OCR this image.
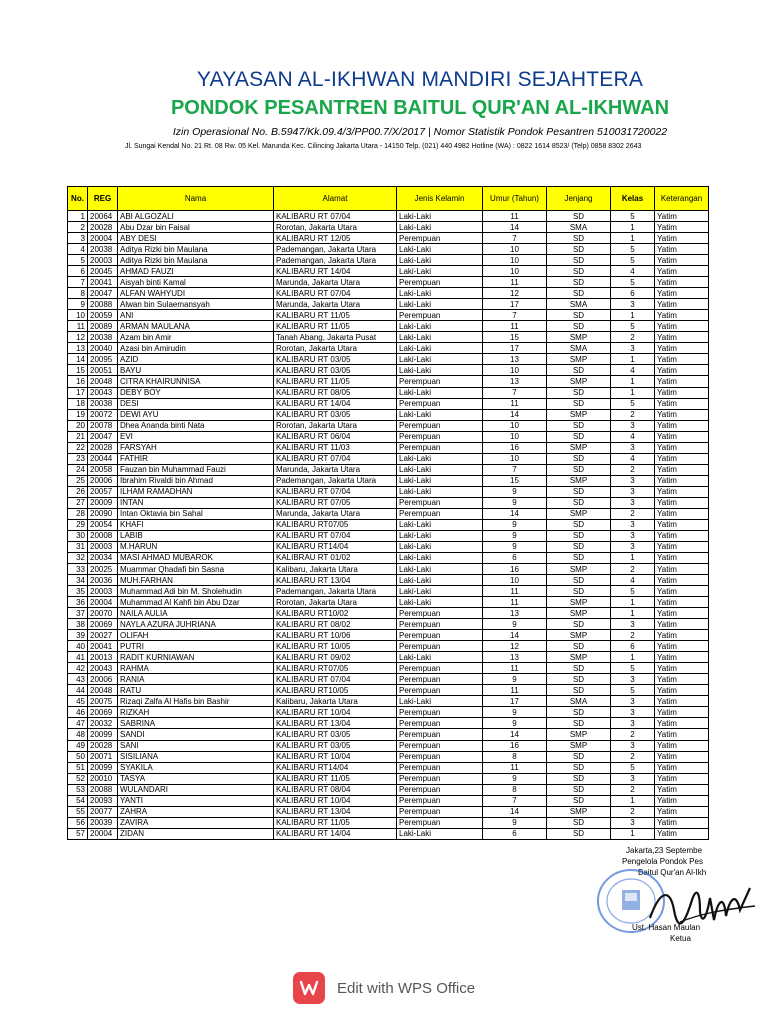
YAYASAN AL-IKHWAN MANDIRI SEJAHTERA
PONDOK PESANTREN BAITUL QUR'AN AL-IKHWAN
Izin Operasional No. B.5947/Kk.09.4/3/PP00.7/X/2017 | Nomor Statistik Pondok Pesantren 510031720022
Jl. Sungai Kendal No. 21 Rt. 08 Rw. 05 Kel. Marunda Kec. Cilincing Jakarta Utara - 14150 Telp. (021) 440 4982 Hotline (WA) : 0822 1614 8523/ (Telp) 0858 8302 2643
No.	REG	Nama	Alamat	Jenis Kelamin	Umur (Tahun)	Jenjang	Kelas	Keterangan
1	20064	ABI ALGOZALI	KALIBARU RT 07/04	Laki-Laki	11	SD	5	Yatim
2	20028	Abu Dzar bin Faisal	Rorotan, Jakarta Utara	Laki-Laki	14	SMA	1	Yatim
3	20004	ABY DESI	KALIBARU RT 12/05	Perempuan	7	SD	1	Yatim
4	20038	Aditya Rizki bin Maulana	Pademangan, Jakarta Utara	Laki-Laki	10	SD	5	Yatim
5	20003	Aditya Rizki bin Maulana	Pademangan, Jakarta Utara	Laki-Laki	10	SD	5	Yatim
6	20045	AHMAD FAUZI	KALIBARU RT 14/04	Laki-Laki	10	SD	4	Yatim
7	20041	Aisyah binti Kamal	Marunda, Jakarta Utara	Perempuan	11	SD	5	Yatim
8	20047	ALFAN WAHYUDI	KALIBARU RT 07/04	Laki-Laki	12	SD	6	Yatim
9	20088	Alwan bin Sulaemansyah	Marunda, Jakarta Utara	Laki-Laki	17	SMA	3	Yatim
10	20059	ANI	KALIBARU RT 11/05	Perempuan	7	SD	1	Yatim
11	20089	ARMAN MAULANA	KALIBARU RT 11/05	Laki-Laki	11	SD	5	Yatim
12	20038	Azam bin Amir	Tanah Abang, Jakarta Pusat	Laki-Laki	15	SMP	2	Yatim
13	20040	Azasi bin Amirudin	Rorotan, Jakarta Utara	Laki-Laki	17	SMA	3	Yatim
14	20095	AZID	KALIBARU RT 03/05	Laki-Laki	13	SMP	1	Yatim
15	20051	BAYU	KALIBARU RT 03/05	Laki-Laki	10	SD	4	Yatim
16	20048	CITRA KHAIRUNNISA	KALIBARU RT 11/05	Perempuan	13	SMP	1	Yatim
17	20043	DEBY BOY	KALIBARU RT 08/05	Laki-Laki	7	SD	1	Yatim
18	20038	DESI	KALIBARU RT 14/04	Perempuan	11	SD	5	Yatim
19	20072	DEWI AYU	KALIBARU RT 03/05	Laki-Laki	14	SMP	2	Yatim
20	20078	Dhea Ananda binti Nata	Rorotan, Jakarta Utara	Perempuan	10	SD	3	Yatim
21	20047	EVI	KALIBARU RT 06/04	Perempuan	10	SD	4	Yatim
22	20028	FARSYAH	KALIBARU RT 11/03	Perempuan	16	SMP	3	Yatim
23	20044	FATHIR	KALIBARU RT 07/04	Laki-Laki	10	SD	4	Yatim
24	20058	Fauzan bin Muhammad Fauzi	Marunda, Jakarta Utara	Laki-Laki	7	SD	2	Yatim
25	20006	Ibrahim Rivaldi bin Ahmad	Pademangan, Jakarta Utara	Laki-Laki	15	SMP	3	Yatim
26	20057	ILHAM RAMADHAN	KALIBARU RT 07/04	Laki-Laki	9	SD	3	Yatim
27	20009	INTAN	KALIBARU RT 07/05	Perempuan	9	SD	3	Yatim
28	20090	Intan Oktavia bin Sahal	Marunda, Jakarta Utara	Perempuan	14	SMP	2	Yatim
29	20054	KHAFI	KALIBARU RT07/05	Laki-Laki	9	SD	3	Yatim
30	20008	LABIB	KALIBARU RT 07/04	Laki-Laki	9	SD	3	Yatim
31	20003	M.HARUN	KALIBARU RT14/04	Laki-Laki	9	SD	3	Yatim
32	20034	MASI AHMAD MUBAROK	KALIBRAU RT 01/02	Laki-Laki	6	SD	1	Yatim
33	20025	Muammar Qhadafi bin Sasna	Kalibaru, Jakarta Utara	Laki-Laki	16	SMP	2	Yatim
34	20036	MUH.FARHAN	KALIBARU RT 13/04	Laki-Laki	10	SD	4	Yatim
35	20003	Muhammad Adi bin M. Sholehudin	Pademangan, Jakarta Utara	Laki-Laki	11	SD	5	Yatim
36	20004	Muhammad Al Kahfi bin Abu Dzar	Rorotan, Jakarta Utara	Laki-Laki	11	SMP	1	Yatim
37	20070	NAILA AULIA	KALIBARU RT10/02	Perempuan	13	SMP	1	Yatim
38	20069	NAYLA AZURA JUHRIANA	KALIBARU RT 08/02	Perempuan	9	SD	3	Yatim
39	20027	OLIFAH	KALIBARU RT 10/06	Perempuan	14	SMP	2	Yatim
40	20041	PUTRI	KALIBARU RT 10/05	Perempuan	12	SD	6	Yatim
41	20013	RADIT KURNIAWAN	KALIBARU RT 09/02	Laki-Laki	13	SMP	1	Yatim
42	20043	RAHMA	KALIBARU RT07/05	Perempuan	11	SD	5	Yatim
43	20006	RANIA	KALIBARU RT 07/04	Perempuan	9	SD	3	Yatim
44	20048	RATU	KALIBARU RT10/05	Perempuan	11	SD	5	Yatim
45	20075	Rizaqi Zalfa Al Hafis bin Bashir	Kalibaru, Jakarta Utara	Laki-Laki	17	SMA	3	Yatim
46	20069	RIZKAH	KALIBARU RT 10/04	Perempuan	9	SD	3	Yatim
47	20032	SABRINA	KALIBARU RT 13/04	Perempuan	9	SD	3	Yatim
48	20099	SANDI	KALIBARU RT 03/05	Perempuan	14	SMP	2	Yatim
49	20028	SANI	KALIBARU RT 03/05	Perempuan	16	SMP	3	Yatim
50	20071	SISILIANA	KALIBARU RT 10/04	Perempuan	8	SD	2	Yatim
51	20099	SYAKILA	KALIBARU RT14/04	Perempuan	11	SD	5	Yatim
52	20010	TASYA	KALIBARU RT 11/05	Perempuan	9	SD	3	Yatim
53	20088	WULANDARI	KALIBARU RT 08/04	Perempuan	8	SD	2	Yatim
54	20093	YANTI	KALIBARU RT 10/04	Perempuan	7	SD	1	Yatim
55	20077	ZAHRA	KALIBARU RT 13/04	Perempuan	14	SMP	2	Yatim
56	20039	ZAVIRA	KALIBARU RT 11/05	Perempuan	9	SD	3	Yatim
57	20004	ZIDAN	KALIBARU RT 14/04	Laki-Laki	6	SD	1	Yatim
Jakarta,23 Septembe
Pengelola Pondok Pes
Baitul Qur'an Al-Ikh
Ust. Hasan Maulan
Ketua
Edit with WPS Office
